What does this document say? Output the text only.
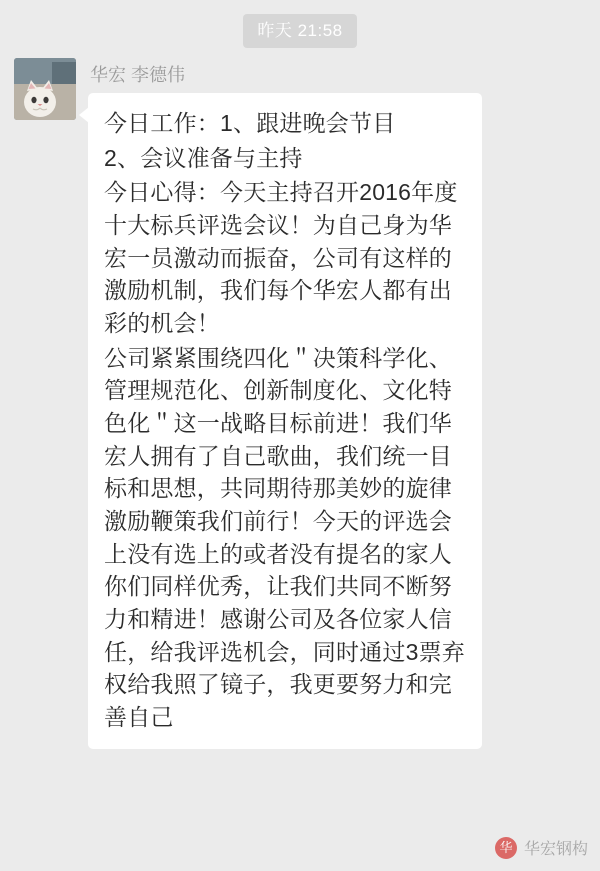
昨天 21:58
华宏 李德伟

今日工作：1、跟进晚会节目

2、会议准备与主持

今日心得：今天主持召开2016年度十大标兵评选会议！为自己身为华宏一员激动而振奋，公司有这样的激励机制，我们每个华宏人都有出彩的机会！

公司紧紧围绕四化＂决策科学化、管理规范化、创新制度化、文化特色化＂这一战略目标前进！我们华宏人拥有了自己歌曲，我们统一目标和思想，共同期待那美妙的旋律激励鞭策我们前行！今天的评选会上没有选上的或者没有提名的家人你们同样优秀，让我们共同不断努力和精进！感谢公司及各位家人信任，给我评选机会，同时通过3票弃权给我照了镜子，我更要努力和完善自己

华 华宏钢构
